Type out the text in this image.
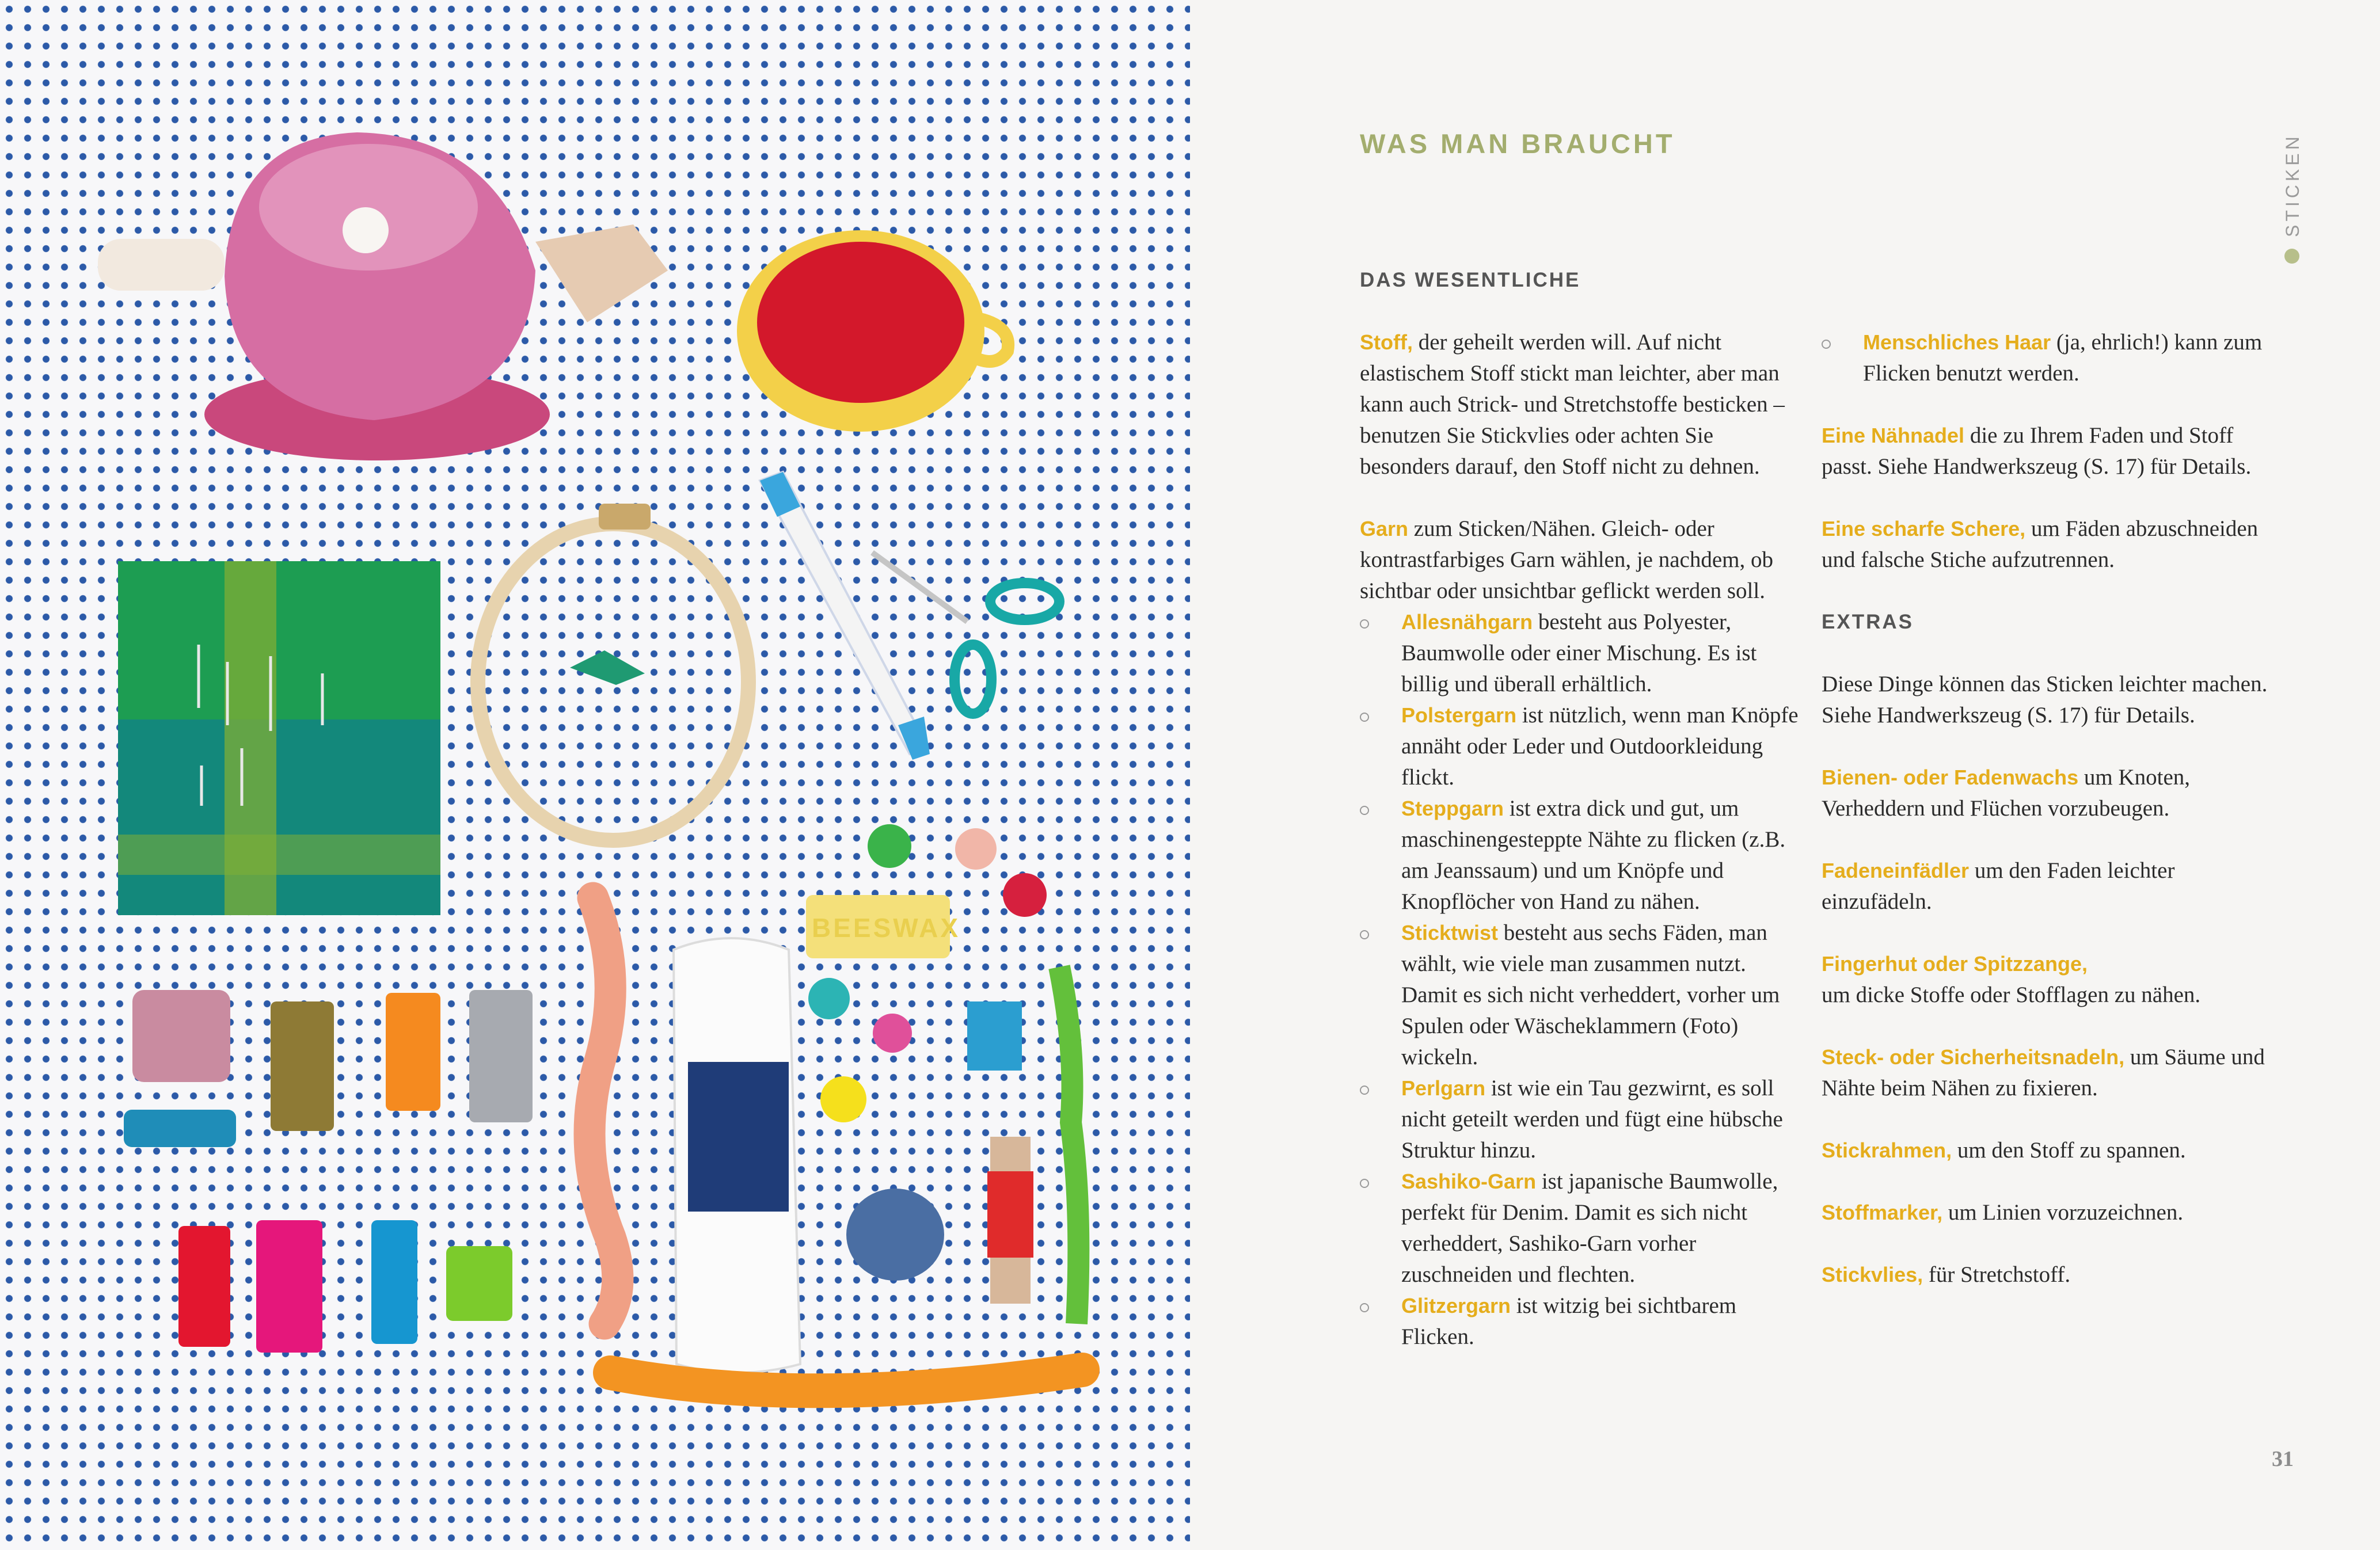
BEESWAX
WAS MAN BRAUCHT	STICKEN
DAS WESENTLICHE

Stoff, der geheilt werden will. Auf nicht elastischem Stoff stickt man leichter, aber man kann auch Strick- und Stretchstoffe besticken – benutzen Sie Stickvlies oder achten Sie besonders darauf, den Stoff nicht zu dehnen.

Garn zum Sticken/Nähen. Gleich- oder kontrastfarbiges Garn wählen, je nachdem, ob sichtbar oder unsichtbar geflickt werden soll.

Allesnähgarn besteht aus Polyester, Baumwolle oder einer Mischung. Es ist billig und überall erhältlich.
Polstergarn ist nützlich, wenn man Knöpfe annäht oder Leder und Outdoorkleidung flickt.
Steppgarn ist extra dick und gut, um maschinengesteppte Nähte zu flicken (z.B. am Jeanssaum) und um Knöpfe und Knopflöcher von Hand zu nähen.
Sticktwist besteht aus sechs Fäden, man wählt, wie viele man zusammen nutzt. Damit es sich nicht verheddert, vorher um Spulen oder Wäscheklammern (Foto) wickeln.
Perlgarn ist wie ein Tau gezwirnt, es soll nicht geteilt werden und fügt eine hübsche Struktur hinzu.
Sashiko-Garn ist japanische Baumwolle, perfekt für Denim. Damit es sich nicht verheddert, Sashiko-Garn vorher zuschneiden und flechten.
Glitzergarn ist witzig bei sichtbarem Flicken.
Menschliches Haar (ja, ehrlich!) kann zum Flicken benutzt werden.

Eine Nähnadel die zu Ihrem Faden und Stoff passt. Siehe Handwerkszeug (S. 17) für Details.

Eine scharfe Schere, um Fäden abzuschneiden und falsche Stiche aufzutrennen.

EXTRAS

Diese Dinge können das Sticken leichter machen. Siehe Handwerkszeug (S. 17) für Details.

Bienen- oder Fadenwachs um Knoten, Verheddern und Flüchen vorzubeugen.

Fadeneinfädler um den Faden leichter einzufädeln.

Fingerhut oder Spitzzange,
um dicke Stoffe oder Stofflagen zu nähen.

Steck- oder Sicherheitsnadeln, um Säume und Nähte beim Nähen zu fixieren.

Stickrahmen, um den Stoff zu spannen.

Stoffmarker, um Linien vorzuzeichnen.

Stickvlies, für Stretchstoff.

31
